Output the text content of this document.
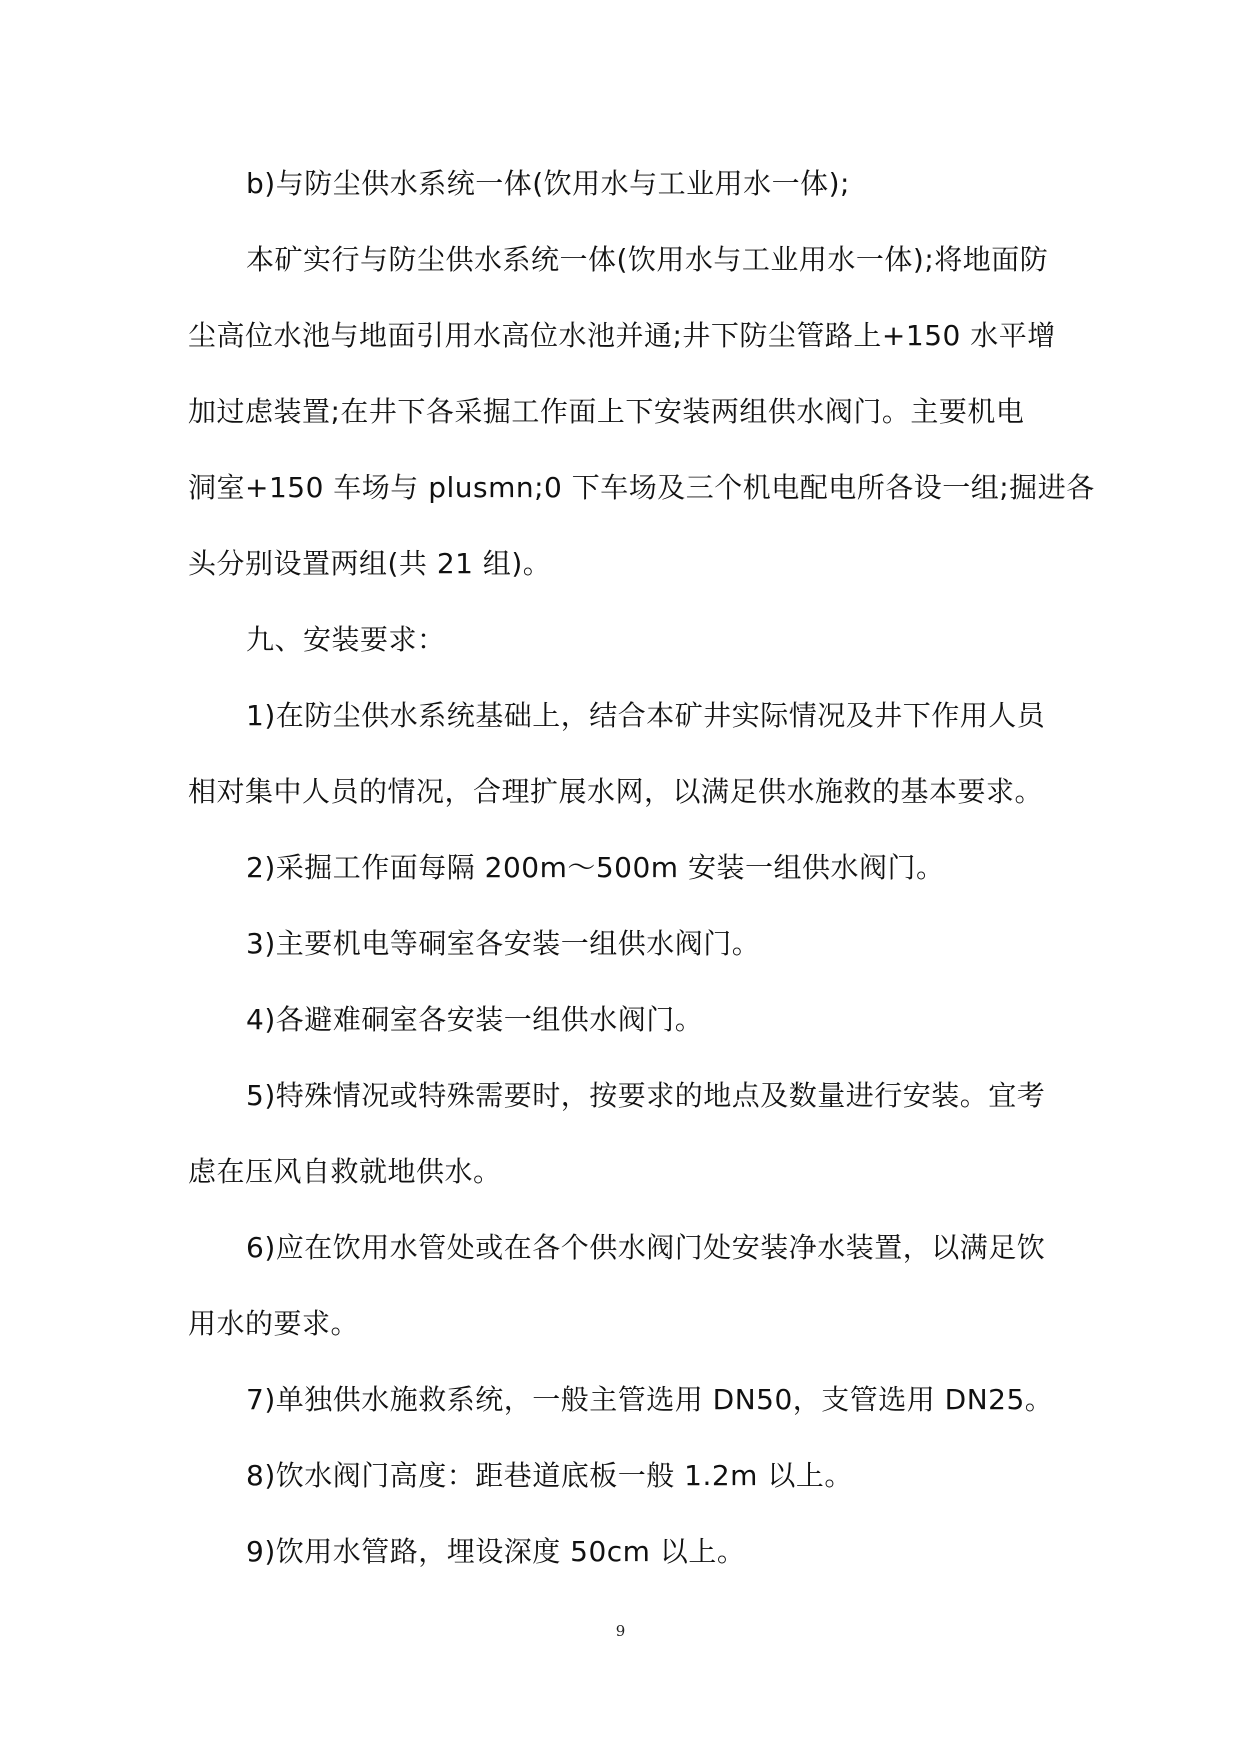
b)与防尘供水系统一体(饮用水与工业用水一体);
本矿实行与防尘供水系统一体(饮用水与工业用水一体);将地面防
尘高位水池与地面引用水高位水池并通;井下防尘管路上+150 水平增
加过虑装置;在井下各采掘工作面上下安装两组供水阀门。主要机电
洞室+150 车场与 plusmn;0 下车场及三个机电配电所各设一组;掘进各
头分别设置两组(共 21 组)。
九、安装要求：
1)在防尘供水系统基础上，结合本矿井实际情况及井下作用人员
相对集中人员的情况，合理扩展水网，以满足供水施救的基本要求。
2)采掘工作面每隔 200m～500m 安装一组供水阀门。
3)主要机电等硐室各安装一组供水阀门。
4)各避难硐室各安装一组供水阀门。
5)特殊情况或特殊需要时，按要求的地点及数量进行安装。宜考
虑在压风自救就地供水。
6)应在饮用水管处或在各个供水阀门处安装净水装置，以满足饮
用水的要求。
7)单独供水施救系统，一般主管选用 DN50，支管选用 DN25。
8)饮水阀门高度：距巷道底板一般 1.2m 以上。
9)饮用水管路，埋设深度 50cm 以上。
9
